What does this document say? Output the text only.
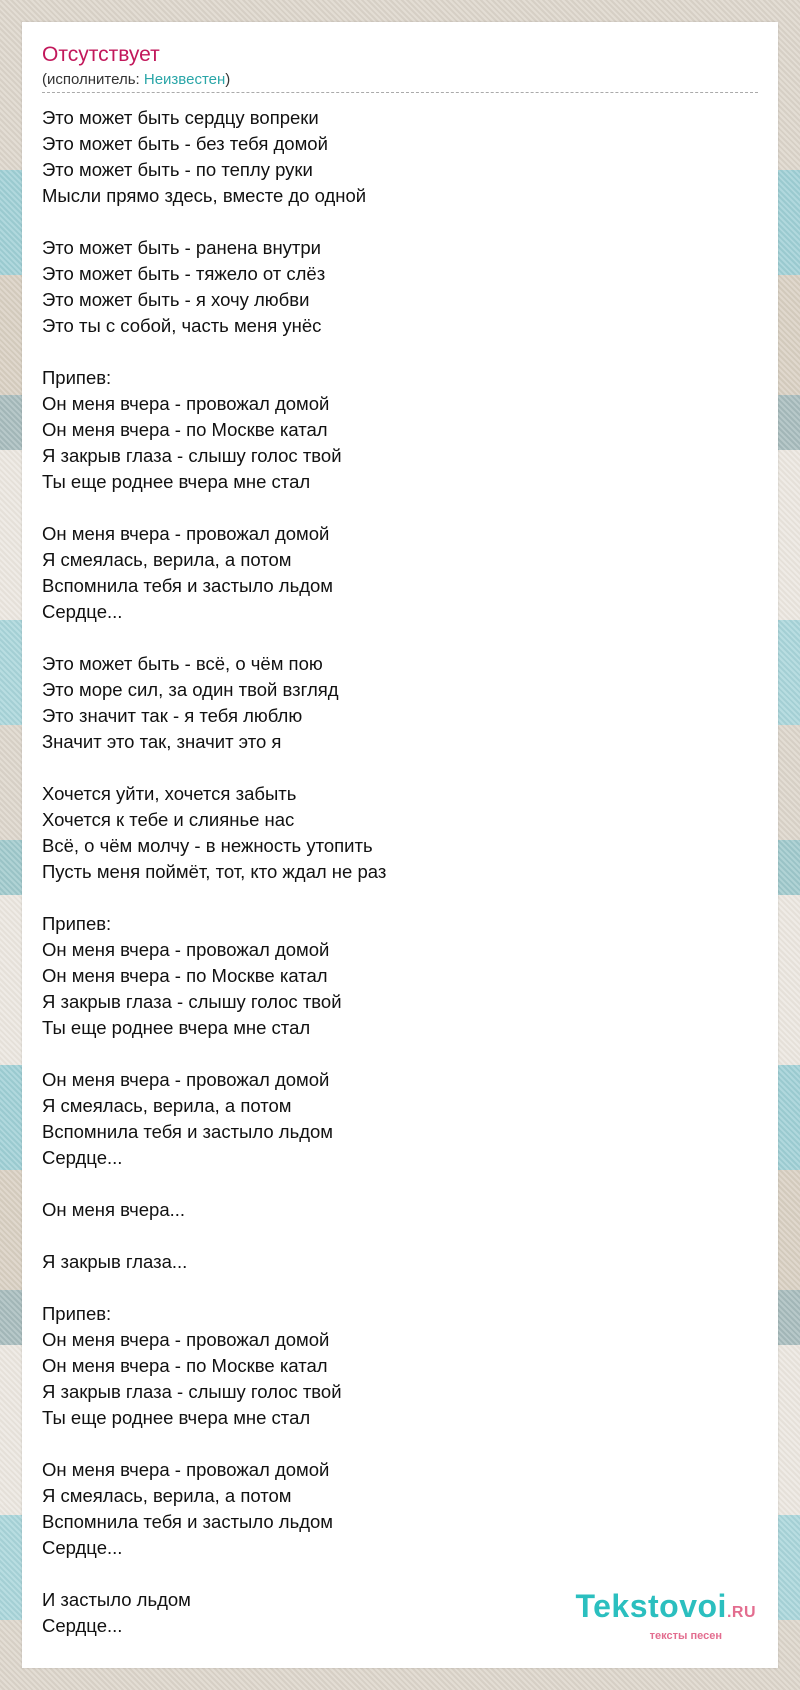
Отсутствует
(исполнитель: Неизвестен)
Это может быть сердцу вопреки
Это может быть - без тебя домой
Это может быть - по теплу руки
Мысли прямо здесь, вместе до одной
Это может быть - ранена внутри
Это может быть - тяжело от слёз
Это может быть - я хочу любви
Это ты с собой, часть меня унёс
Припев:
Он меня вчера - провожал домой
Он меня вчера - по Москве катал
Я закрыв глаза - слышу голос твой
Ты еще роднее вчера мне стал
Он меня вчера - провожал домой
Я смеялась, верила, а потом
Вспомнила тебя и застыло льдом
Сердце...
Это может быть - всё, о чём пою
Это море сил, за один твой взгляд
Это значит так - я тебя люблю
Значит это так, значит это я
Хочется уйти, хочется забыть
Хочется к тебе и слиянье нас
Всё, о чём молчу - в нежность утопить
Пусть меня поймёт, тот, кто ждал не раз
Припев:
Он меня вчера - провожал домой
Он меня вчера - по Москве катал
Я закрыв глаза - слышу голос твой
Ты еще роднее вчера мне стал
Он меня вчера - провожал домой
Я смеялась, верила, а потом
Вспомнила тебя и застыло льдом
Сердце...
Он меня вчера...
Я закрыв глаза...
Припев:
Он меня вчера - провожал домой
Он меня вчера - по Москве катал
Я закрыв глаза - слышу голос твой
Ты еще роднее вчера мне стал
Он меня вчера - провожал домой
Я смеялась, верила, а потом
Вспомнила тебя и застыло льдом
Сердце...
И застыло льдом
Сердце...
Tekstovoi.RU
тексты песен
